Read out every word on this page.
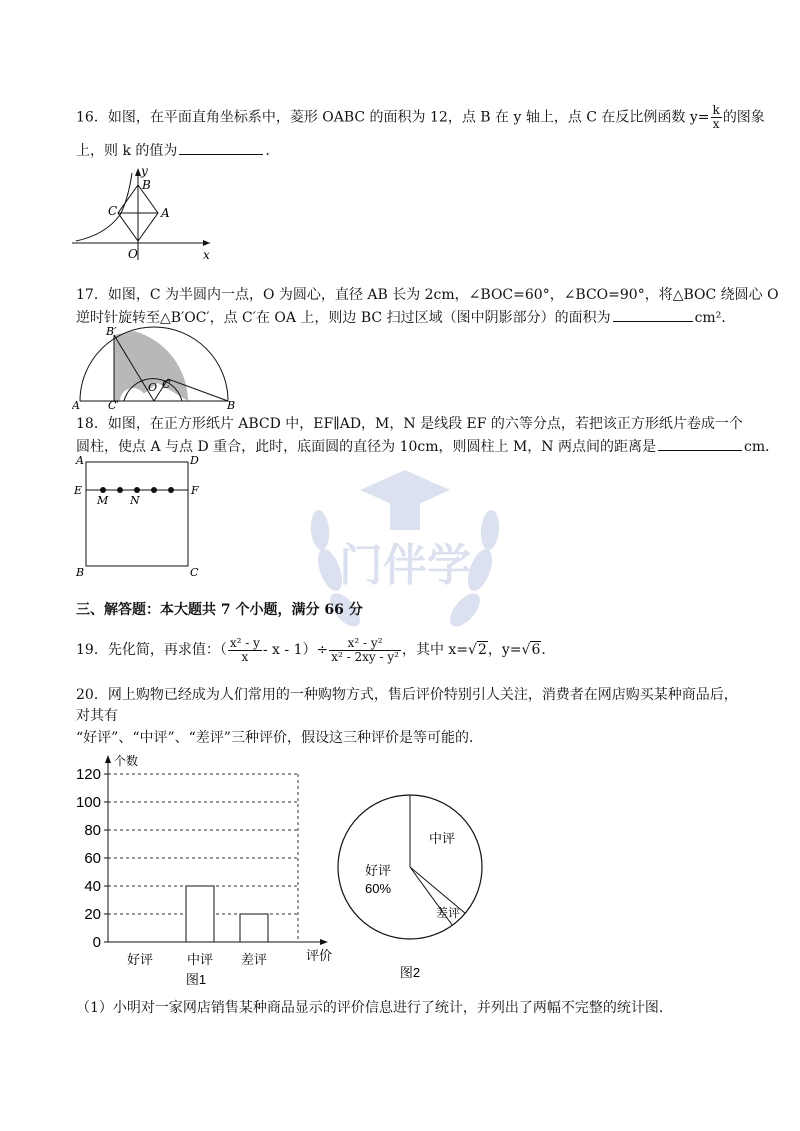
门伴学
16．如图，在平面直角坐标系中，菱形 OABC 的面积为 12，点 B 在 y 轴上，点 C 在反比例函数 $y= \frac{k}{x}$ 的图象
上，则 k 的值为	.
y
B
C	A
O	x
17．如图，C 为半圆内一点，O 为圆心，直径 AB 长为 2cm，∠BOC=60°，∠BCO=90°，将△BOC 绕圆心 O
逆时针旋转至△B′OC′，点 C′在 OA 上，则边 BC 扫过区域（图中阴影部分）的面积为	cm²．
B′
A	C′
O C
B
18．如图，在正方形纸片 ABCD 中，EF∥AD，M，N 是线段 EF 的六等分点，若把该正方形纸片卷成一个
圆柱，使点 A 与点 D 重合，此时，底面圆的直径为 10cm，则圆柱上 M，N 两点间的距离是	cm．
A	D
E	F
M N
B	C
三、解答题：本大题共 7 个小题，满分 66 分
19．先化简，再求值：（ $\frac{\text{x² - y}}{x} - x - 1)\div \frac{\text{x² - y²}}{\text{x² - 2xy - y²}}$ ，其中 x=√2，y=√6.
20．网上购物已经成为人们常用的一种购物方式，售后评价特别引人关注，消费者在网店购买某种商品后，
对其有
“好评”、“中评”、“差评”三种评价，假设这三种评价是等可能的．
0
20
40
60
80
100
120
个数
评价
好评	中评 差评
图1
中评
差评
好评
60%
图2
（1）小明对一家网店销售某种商品显示的评价信息进行了统计，并列出了两幅不完整的统计图．
